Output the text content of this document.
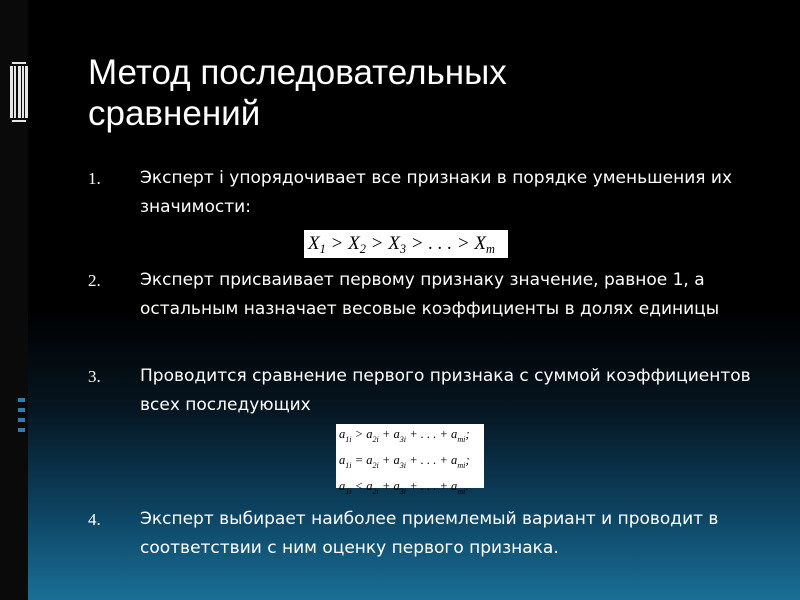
Метод последовательных
сравнений
1. Эксперт i упорядочивает все признаки в порядке уменьшения их значимости:
$X_1 > X_2 > X_3$ > . . . > $X_m$
2. Эксперт присваивает первому признаку значение, равное 1, а остальным назначает весовые коэффициенты в долях единицы
3. Проводится сравнение первого признака с суммой коэффициентов всех последующих
$a_{1i} > a_{2i} + a_{3i}$ + . . . + $a_{mi}$;
$a_{1i} = a_{2i} + a_{3i}$ + . . . + $a_{mi}$;
$a_{1i} < a_{2i} + a_{3i}$ + . . . + $a_{mi}$.
4. Эксперт выбирает наиболее приемлемый вариант и проводит в соответствии с ним оценку первого признака.
